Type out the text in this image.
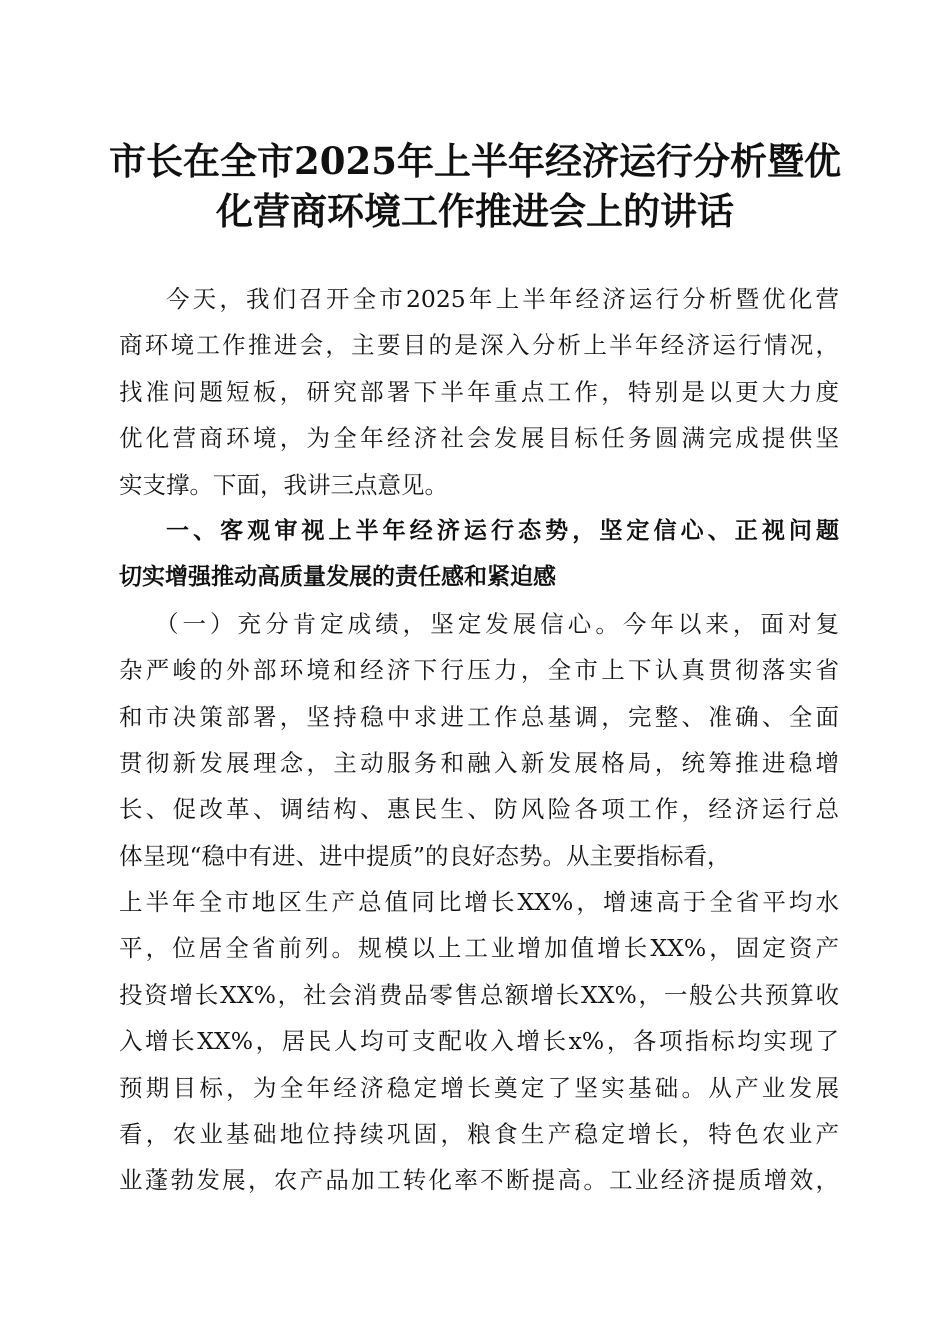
市长在全市2025年上半年经济运行分析暨优
化营商环境工作推进会上的讲话
今天，我们召开全市2025年上半年经济运行分析暨优化营
商环境工作推进会，主要目的是深入分析上半年经济运行情况，
找准问题短板，研究部署下半年重点工作，特别是以更大力度
优化营商环境，为全年经济社会发展目标任务圆满完成提供坚
实支撑。下面，我讲三点意见。
一、客观审视上半年经济运行态势，坚定信心、正视问题
切实增强推动高质量发展的责任感和紧迫感
（一）充分肯定成绩，坚定发展信心。今年以来，面对复
杂严峻的外部环境和经济下行压力，全市上下认真贯彻落实省
和市决策部署，坚持稳中求进工作总基调，完整、准确、全面
贯彻新发展理念，主动服务和融入新发展格局，统筹推进稳增
长、促改革、调结构、惠民生、防风险各项工作，经济运行总
体呈现“稳中有进、进中提质”的良好态势。从主要指标看，
上半年全市地区生产总值同比增长XX%，增速高于全省平均水
平，位居全省前列。规模以上工业增加值增长XX%，固定资产
投资增长XX%，社会消费品零售总额增长XX%，一般公共预算收
入增长XX%，居民人均可支配收入增长x%，各项指标均实现了
预期目标，为全年经济稳定增长奠定了坚实基础。从产业发展
看，农业基础地位持续巩固，粮食生产稳定增长，特色农业产
业蓬勃发展，农产品加工转化率不断提高。工业经济提质增效，
